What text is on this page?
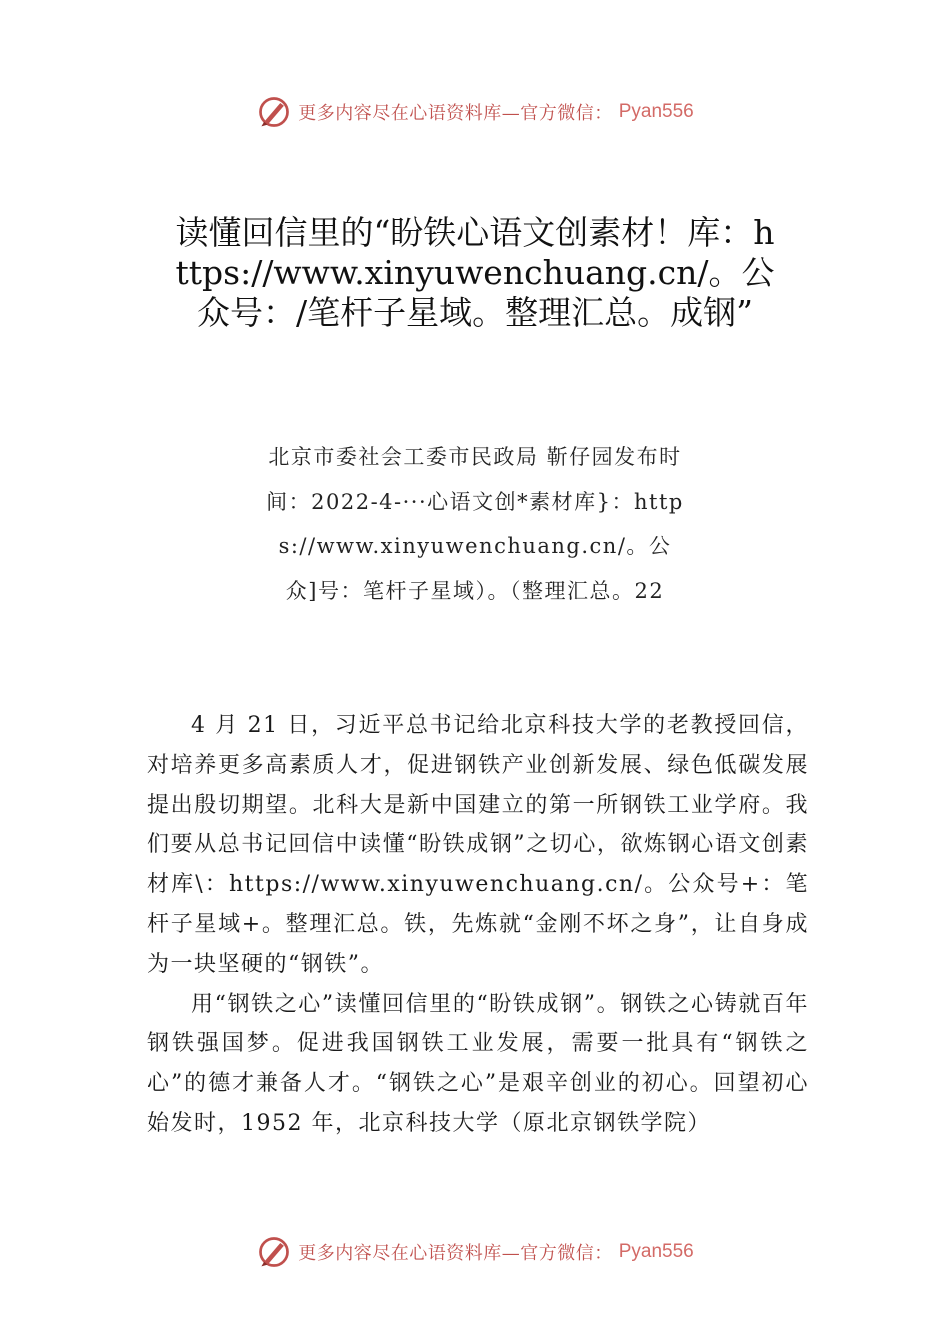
更多内容尽在心语资料库—官方微信： Pyan556
读懂回信里的“盼铁心语文创素材！库：https://www.xinyuwenchuang.cn/。公众号：/笔杆子星域。整理汇总。成钢”
北京市委社会工委市民政局 靳仔园发布时间：2022-4-···心语文创*素材库}：https://www.xinyuwenchuang.cn/。公众]号：笔杆子星域）。（整理汇总。22

4 月 21 日，习近平总书记给北京科技大学的老教授回信，对培养更多高素质人才，促进钢铁产业创新发展、绿色低碳发展提出殷切期望。北科大是新中国建立的第一所钢铁工业学府。我们要从总书记回信中读懂“盼铁成钢”之切心，欲炼钢心语文创素材库\：https://www.xinyuwenchuang.cn/。公众号+：笔杆子星域+。整理汇总。铁，先炼就“金刚不坏之身”，让自身成为一块坚硬的“钢铁”。

用“钢铁之心”读懂回信里的“盼铁成钢”。钢铁之心铸就百年钢铁强国梦。促进我国钢铁工业发展，需要一批具有“钢铁之心”的德才兼备人才。“钢铁之心”是艰辛创业的初心。回望初心始发时，1952 年，北京科技大学（原北京钢铁学院）

更多内容尽在心语资料库—官方微信： Pyan556
